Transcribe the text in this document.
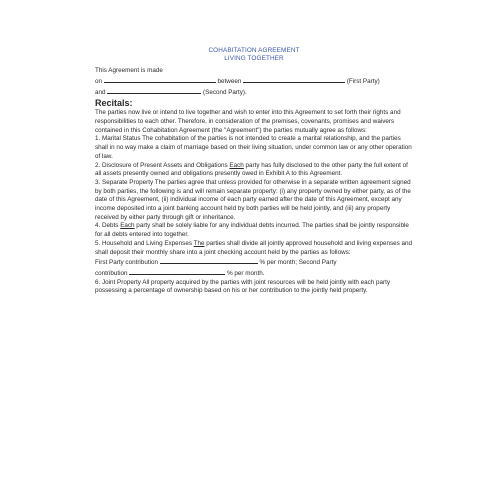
COHABITATION AGREEMENT
LIVING TOGETHER
This Agreement is made
on	between	(First Party)
and	(Second Party).
Recitals:
The parties now live or intend to live together and wish to enter into this Agreement to set forth their rights and responsibilities to each other. Therefore, in consideration of the premises, covenants, promises and waivers contained in this Cohabitation Agreement (the "Agreement") the parties mutually agree as follows:
1. Marital Status The cohabitation of the parties is not intended to create a marital relationship, and the parties shall in no way make a claim of marriage based on their living situation, under common law or any other operation of law.
2. Disclosure of Present Assets and Obligations Each party has fully disclosed to the other party the full extent of all assets presently owned and obligations presently owed in Exhibit A to this Agreement.
3. Separate Property The parties agree that unless provided for otherwise in a separate written agreement signed by both parties, the following is and will remain separate property: (i) any property owned by either party, as of the date of this Agreement, (ii) individual income of each party earned after the date of this Agreement, except any income deposited into a joint banking account held by both parties will be held jointly, and (iii) any property received by either party through gift or inheritance.
4. Debts Each party shall be solely liable for any individual debts incurred. The parties shall be jointly responsible for all debts entered into together.
5. Household and Living Expenses The parties shall divide all jointly approved household and living expenses and shall deposit their monthly share into a joint checking account held by the parties as follows:
First Party contribution	% per month; Second Party
contribution	% per month.
6. Joint Property All property acquired by the parties with joint resources will be held jointly with each party possessing a percentage of ownership based on his or her contribution to the jointly held property.
